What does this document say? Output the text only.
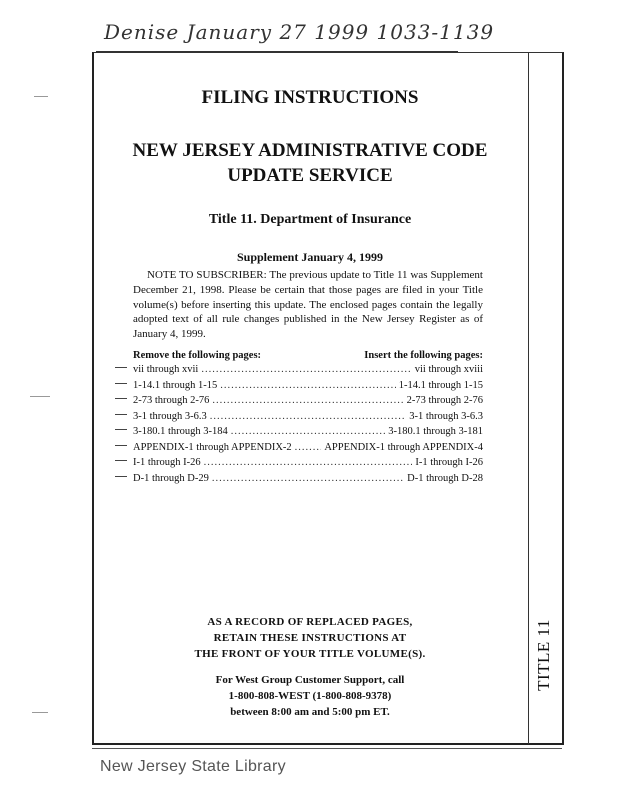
Denise January 27 1999 1033-1139
TITLE 11
FILING INSTRUCTIONS
NEW JERSEY ADMINISTRATIVE CODE
UPDATE SERVICE
Title 11. Department of Insurance
Supplement January 4, 1999
NOTE TO SUBSCRIBER: The previous update to Title 11 was Supplement December 21, 1998. Please be certain that those pages are filed in your Title volume(s) before inserting this update. The enclosed pages contain the legally adopted text of all rule changes published in the New Jersey Register as of January 4, 1999.
Remove the following pages:	Insert the following pages:
vii through xvii .....	vii through xviii
1-14.1 through 1-15 .....	1-14.1 through 1-15
2-73 through 2-76 .....	2-73 through 2-76
3-1 through 3-6.3 .....	3-1 through 3-6.3
3-180.1 through 3-184 .....	3-180.1 through 3-181
APPENDIX-1 through APPENDIX-2 .....	APPENDIX-1 through APPENDIX-4
I-1 through I-26 .....	I-1 through I-26
D-1 through D-29 .....	D-1 through D-28
AS A RECORD OF REPLACED PAGES,
RETAIN THESE INSTRUCTIONS AT
THE FRONT OF YOUR TITLE VOLUME(S).
For West Group Customer Support, call
1-800-808-WEST (1-800-808-9378)
between 8:00 am and 5:00 pm ET.
New Jersey State Library
